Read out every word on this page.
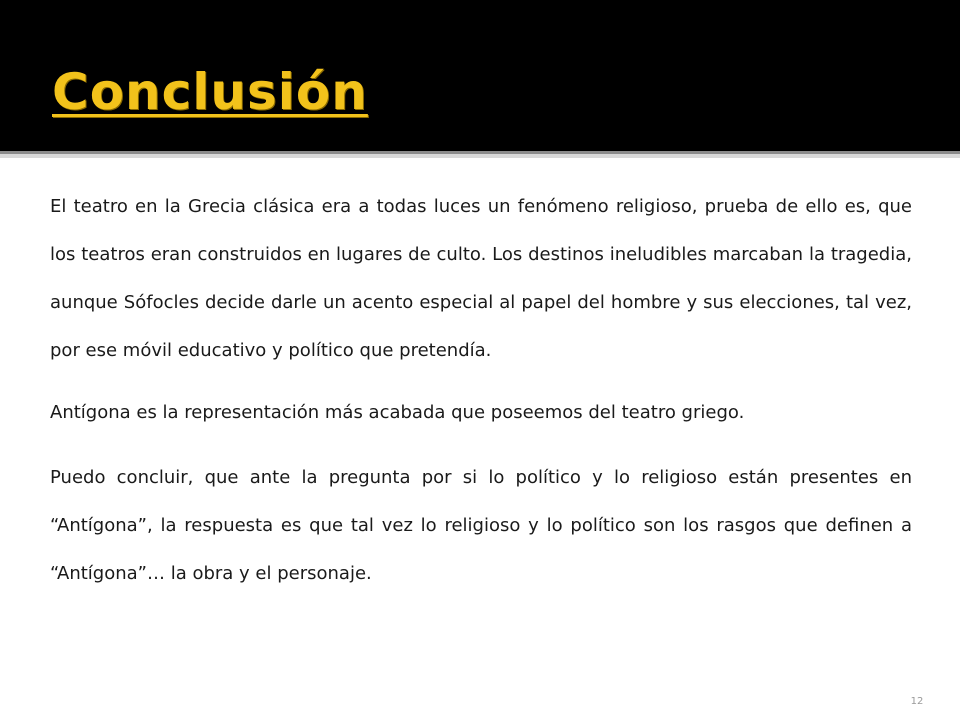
Conclusión

El teatro en la Grecia clásica era a todas luces un fenómeno religioso, prueba de ello es, que los teatros eran construidos en lugares de culto. Los destinos ineludibles marcaban la tragedia, aunque Sófocles decide darle un acento especial al papel del hombre y sus elecciones, tal vez, por ese móvil educativo y político que pretendía.

Antígona es la representación más acabada que poseemos del teatro griego.

Puedo concluir, que ante la pregunta por si lo político y lo religioso están presentes en “Antígona”, la respuesta es que tal vez lo religioso y lo político son los rasgos que definen a “Antígona”… la obra y el personaje.

12
